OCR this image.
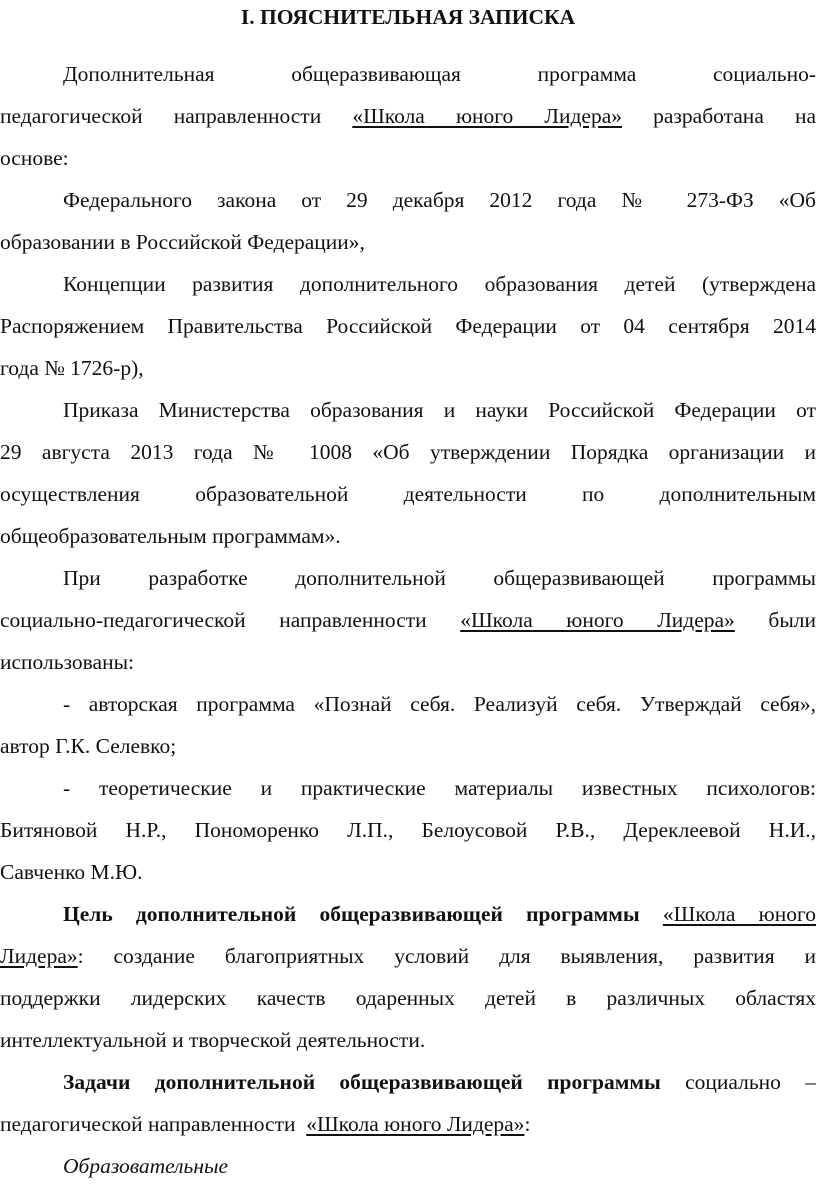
I. ПОЯСНИТЕЛЬНАЯ ЗАПИСКА
Дополнительная общеразвивающая программа социально-
педагогической направленности «Школа юного Лидера» разработана на
основе:
Федерального закона от 29 декабря 2012 года № 273-ФЗ «Об
образовании в Российской Федерации»,
Концепции развития дополнительного образования детей (утверждена
Распоряжением Правительства Российской Федерации от 04 сентября 2014
года № 1726-р),
Приказа Министерства образования и науки Российской Федерации от
29 августа 2013 года № 1008 «Об утверждении Порядка организации и
осуществления образовательной деятельности по дополнительным
общеобразовательным программам».
При разработке дополнительной общеразвивающей программы
социально-педагогической направленности «Школа юного Лидера» были
использованы:
- авторская программа «Познай себя. Реализуй себя. Утверждай себя»,
автор Г.К. Селевко;
- теоретические и практические материалы известных психологов:
Битяновой Н.Р., Пономоренко Л.П., Белоусовой Р.В., Дереклеевой Н.И.,
Савченко М.Ю.
Цель дополнительной общеразвивающей программы «Школа юного
Лидера»: создание благоприятных условий для выявления, развития и
поддержки лидерских качеств одаренных детей в различных областях
интеллектуальной и творческой деятельности.
Задачи дополнительной общеразвивающей программы социально –
педагогической направленности «Школа юного Лидера»:
Образовательные
